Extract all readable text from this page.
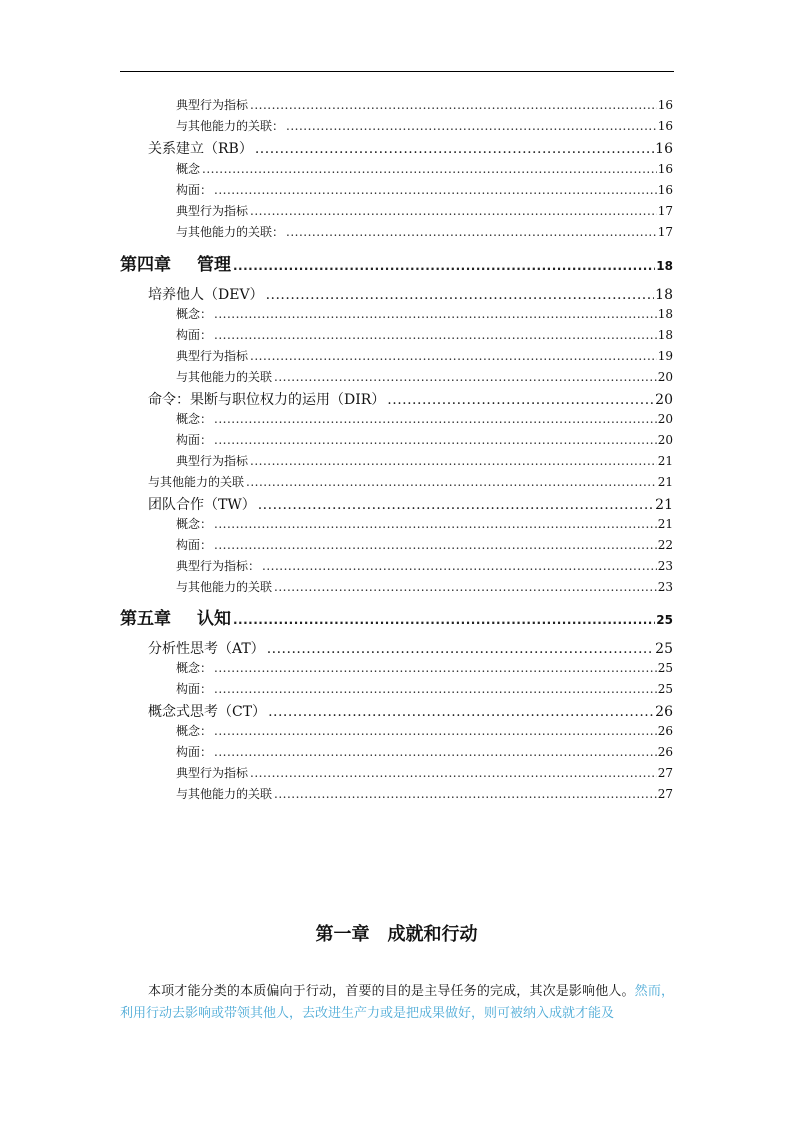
典型行为指标 .....	16
与其他能力的关联： .....	16
关系建立（RB） .....	16
概念 .....	16
构面： .....	16
典型行为指标 .....	17
与其他能力的关联： .....	17
第四章 管理 .....	18
培养他人（DEV） .....	18
概念： .....	18
构面： .....	18
典型行为指标 .....	19
与其他能力的关联 .....	20
命令：果断与职位权力的运用（DIR） .....	20
概念： .....	20
构面： .....	20
典型行为指标 .....	21
与其他能力的关联 .....	21
团队合作（TW） .....	21
概念： .....	21
构面： .....	22
典型行为指标： .....	23
与其他能力的关联 .....	23
第五章 认知 .....	25
分析性思考（AT） .....	25
概念： .....	25
构面： .....	25
概念式思考（CT） .....	26
概念： .....	26
构面： .....	26
典型行为指标 .....	27
与其他能力的关联 .....	27
第一章 成就和行动
本项才能分类的本质偏向于行动，首要的目的是主导任务的完成，其次是影响他人。然而，利用行动去影响或带领其他人，去改进生产力或是把成果做好，则可被纳入成就才能及
